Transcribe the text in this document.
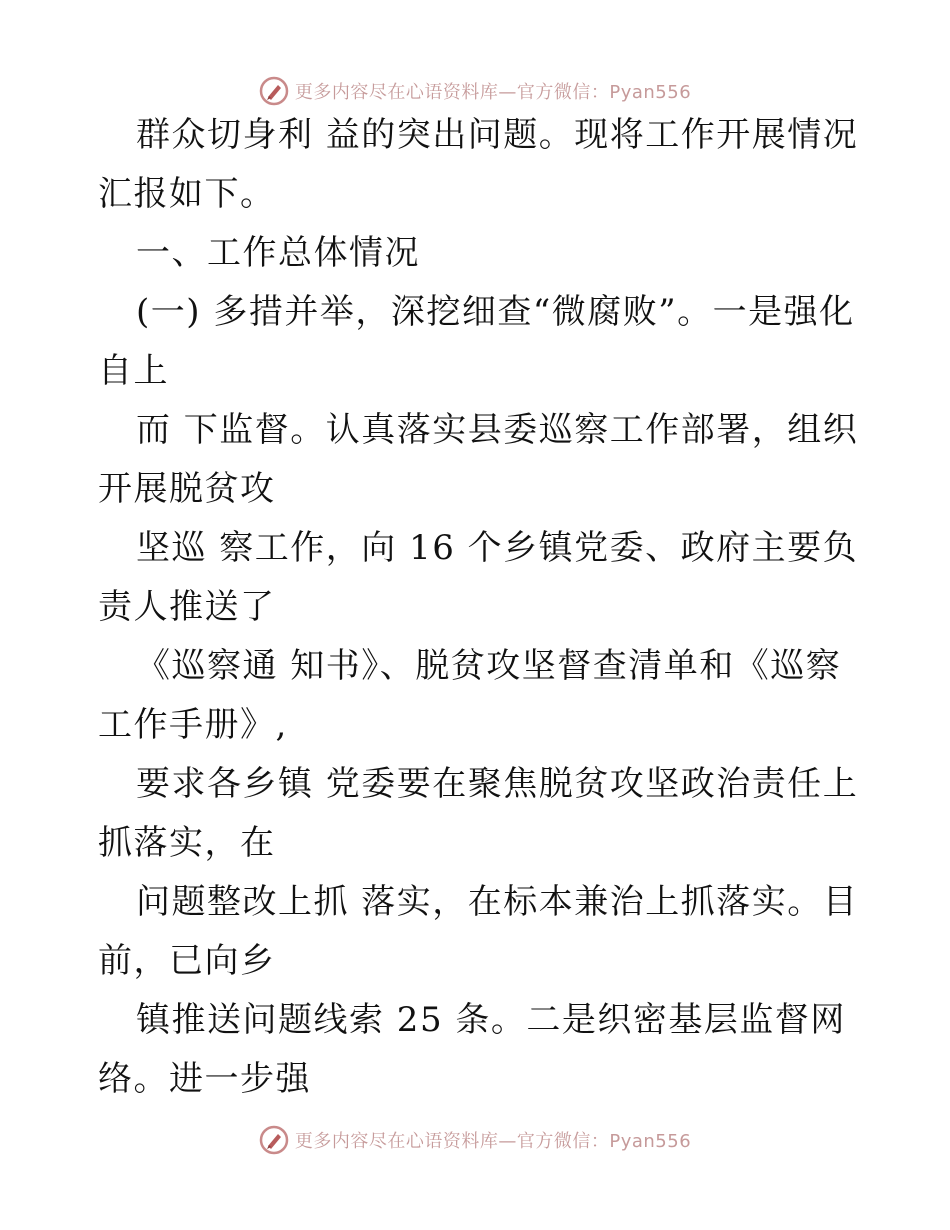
更多内容尽在心语资料库—官方微信：Pyan556
群众切身利 益的突出问题。现将工作开展情况
汇报如下。
一、工作总体情况
(一) 多措并举，深挖细查“微腐败”。一是强化
自上
而 下监督。认真落实县委巡察工作部署，组织
开展脱贫攻
坚巡 察工作，向 16 个乡镇党委、政府主要负
责人推送了
《巡察通 知书》、脱贫攻坚督查清单和《巡察
工作手册》,
要求各乡镇 党委要在聚焦脱贫攻坚政治责任上
抓落实，在
问题整改上抓 落实，在标本兼治上抓落实。目
前，已向乡
镇推送问题线索 25 条。二是织密基层监督网
络。进一步强
更多内容尽在心语资料库—官方微信：Pyan556
